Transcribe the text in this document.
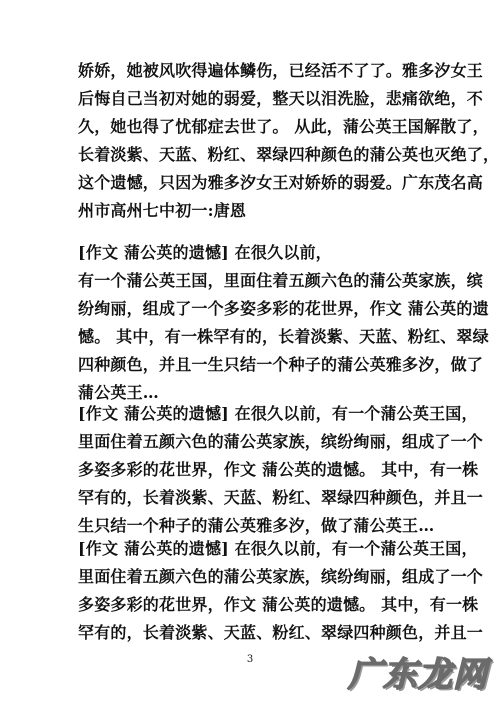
娇娇，她被风吹得遍体鳞伤，已经活不了了。雅多汐女王
后悔自己当初对她的弱爱，整天以泪洗脸，悲痛欲绝，不
久，她也得了忧郁症去世了。 从此，蒲公英王国解散了，
长着淡紫、天蓝、粉红、翠绿四种颜色的蒲公英也灭绝了，
这个遗憾，只因为雅多汐女王对娇娇的弱爱。广东茂名高
州市高州七中初一:唐恩
[作文 蒲公英的遗憾] 在很久以前，
有一个蒲公英王国，里面住着五颜六色的蒲公英家族，缤
纷绚丽，组成了一个多姿多彩的花世界，作文 蒲公英的遗
憾。 其中，有一株罕有的，长着淡紫、天蓝、粉红、翠绿
四种颜色，并且一生只结一个种子的蒲公英雅多汐，做了
蒲公英王…
[作文 蒲公英的遗憾] 在很久以前，有一个蒲公英王国，
里面住着五颜六色的蒲公英家族，缤纷绚丽，组成了一个
多姿多彩的花世界，作文 蒲公英的遗憾。 其中，有一株
罕有的，长着淡紫、天蓝、粉红、翠绿四种颜色，并且一
生只结一个种子的蒲公英雅多汐，做了蒲公英王…
[作文 蒲公英的遗憾] 在很久以前，有一个蒲公英王国，
里面住着五颜六色的蒲公英家族，缤纷绚丽，组成了一个
多姿多彩的花世界，作文 蒲公英的遗憾。 其中，有一株
罕有的，长着淡紫、天蓝、粉红、翠绿四种颜色，并且一
3	广东龙网
